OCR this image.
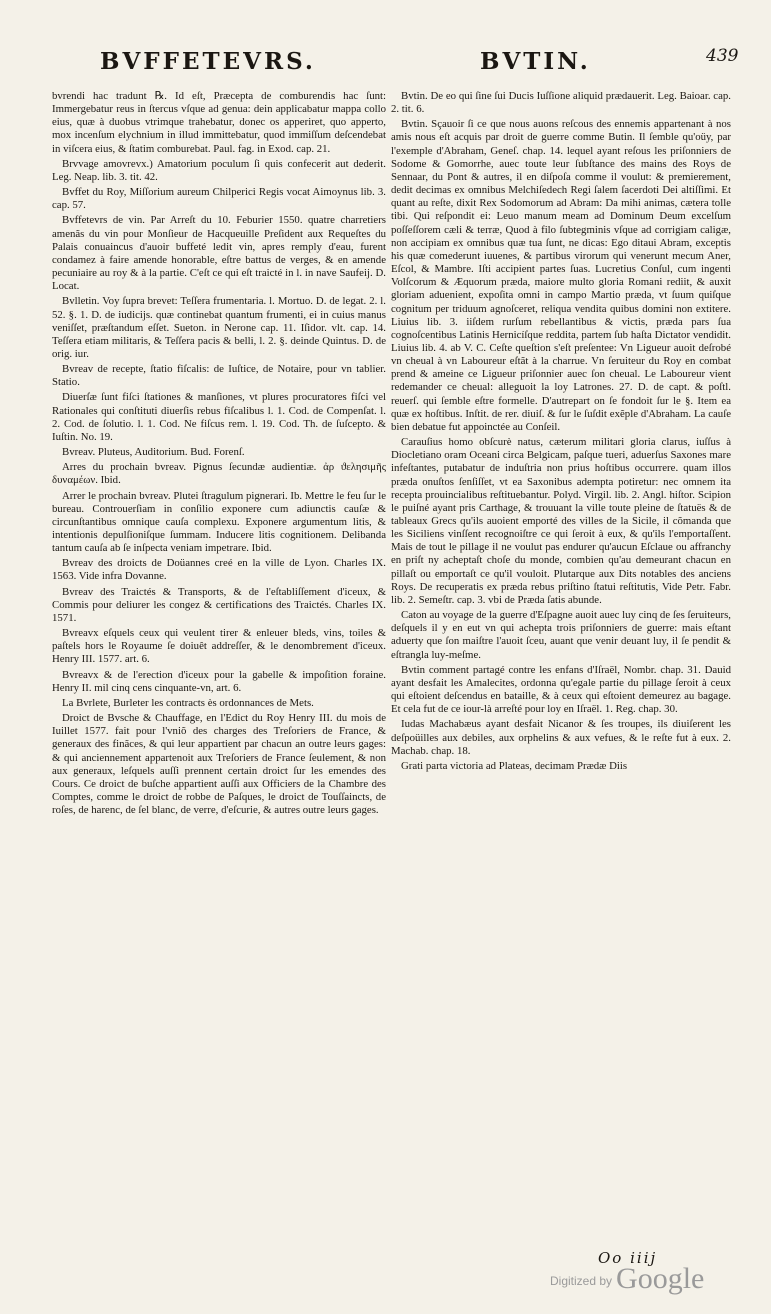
BVFFETEVRS.	BVTIN.	439

bvrendi hac tradunt ℞. Id eſt, Præcepta de comburendis hac ſunt: Immergebatur reus in ſtercus vſque ad genua: dein applicabatur mappa collo eius, quæ à duobus vtrimque trahebatur, donec os apperiret, quo apperto, mox incenſum elychnium in illud immittebatur, quod immiſſum deſcendebat in viſcera eius, & ſtatim comburebat. Paul. fag. in Exod. cap. 21.

Brvvage amovrevx.) Amatorium poculum ſi quis confecerit aut dederit. Leg. Neap. lib. 3. tit. 42.

Bvffet du Roy, Miſſorium aureum Chilperici Regis vocat Aimoynus lib. 3. cap. 57.

Bvffetevrs de vin. Par Arreſt du 10. Feburier 1550. quatre charretiers amenãs du vin pour Monſieur de Hacqueuille Preſident aux Requeſtes du Palais conuaincus d'auoir buffeté ledit vin, apres remply d'eau, furent condamez à faire amende honorable, eſtre battus de verges, & en amende pecuniaire au roy & à la partie. C'eſt ce qui eſt traicté in l. in nave Saufeij. D. Locat.

Bvlletin. Voy ſupra brevet: Teſſera frumentaria. l. Mortuo. D. de legat. 2. l. 52. §. 1. D. de iudicijs. quæ continebat quantum frumenti, ei in cuius manus veniſſet, præſtandum eſſet. Sueton. in Nerone cap. 11. Iſidor. vlt. cap. 14. Teſſera etiam militaris, & Teſſera pacis & belli, l. 2. §. deinde Quintus. D. de orig. iur.

Bvreav de recepte, ſtatio fiſcalis: de Iuſtice, de Notaire, pour vn tablier. Statio.

Diuerſæ ſunt fiſci ſtationes & manſiones, vt plures procuratores fiſci vel Rationales qui conſtituti diuerſis rebus fiſcalibus l. 1. Cod. de Compenſat. l. 2. Cod. de ſolutio. l. 1. Cod. Ne fiſcus rem. l. 19. Cod. Th. de ſuſcepto. & Iuſtin. No. 19.

Bvreav. Pluteus, Auditorium. Bud. Forenſ.

Arres du prochain bvreav. Pignus ſecundæ audientiæ. ἀρ ϑελησιμῆς δυναμέων. Ibid.

Arrer le prochain bvreav. Plutei ſtragulum pignerari. Ib. Mettre le feu ſur le bureau. Controuerſiam in conſilio exponere cum adiunctis cauſæ & circunſtantibus omnique cauſa complexu. Exponere argumentum litis, & intentionis depulſioniſque ſummam. Inducere litis cognitionem. Delibanda tantum cauſa ab ſe inſpecta veniam impetrare. Ibid.

Bvreav des droicts de Doüannes creé en la ville de Lyon. Charles IX. 1563. Vide infra Dovanne.

Bvreav des Traictés & Transports, & de l'eſtabliſſement d'iceux, & Commis pour deliurer les congez & certifications des Traictés. Charles IX. 1571.

Bvreavx eſquels ceux qui veulent tirer & enleuer bleds, vins, toiles & paſtels hors le Royaume ſe doiuêt addreſſer, & le denombrement d'iceux. Henry III. 1577. art. 6.

Bvreavx & de l'erection d'iceux pour la gabelle & impoſition foraine. Henry II. mil cinq cens cinquante-vn, art. 6.

La Bvrlete, Burleter les contracts ès ordonnances de Mets.

Droict de Bvsche & Chauffage, en l'Edict du Roy Henry III. du mois de Iuillet 1577. fait pour l'vniõ des charges des Treſoriers de France, & generaux des finãces, & qui leur appartient par chacun an outre leurs gages: & qui anciennement appartenoit aux Treſoriers de France ſeulement, & non aux generaux, leſquels auſſi prennent certain droict ſur les emendes des Cours. Ce droict de buſche appartient auſſi aux Officiers de la Chambre des Comptes, comme le droict de robbe de Paſques, le droict de Touſſaincts, de roſes, de harenc, de ſel blanc, de verre, d'eſcurie, & autres outre leurs gages.

Bvtin. De eo qui ſine ſui Ducis Iuſſione aliquid prædauerit. Leg. Baioar. cap. 2. tit. 6.

Bvtin. Sçauoir ſi ce que nous auons reſcous des ennemis appartenant à nos amis nous eſt acquis par droit de guerre comme Butin. Il ſemble qu'oüy, par l'exemple d'Abraham, Geneſ. chap. 14. lequel ayant reſous les priſonniers de Sodome & Gomorrhe, auec toute leur ſubſtance des mains des Roys de Sennaar, du Pont & autres, il en diſpoſa comme il voulut: & premierement, dedit decimas ex omnibus Melchiſedech Regi ſalem ſacerdoti Dei altiſſimi. Et quant au reſte, dixit Rex Sodomorum ad Abram: Da mihi animas, cætera tolle tibi. Qui reſpondit ei: Leuo manum meam ad Dominum Deum excelſum poſſeſſorem cæli & terræ, Quod à filo ſubtegminis vſque ad corrigiam caligæ, non accipiam ex omnibus quæ tua ſunt, ne dicas: Ego ditaui Abram, exceptis his quæ comederunt iuuenes, & partibus virorum qui venerunt mecum Aner, Eſcol, & Mambre. Iſti accipient partes ſuas. Lucretius Conſul, cum ingenti Volſcorum & Æquorum præda, maiore multo gloria Romani rediit, & auxit gloriam aduenient, expoſita omni in campo Martio præda, vt ſuum quiſque cognitum per triduum agnoſceret, reliqua vendita quibus domini non extitere. Liuius lib. 3. iiſdem rurſum rebellantibus & victis, præda pars ſua cognoſcentibus Latinis Hernicíſque reddita, partem ſub haſta Dictator vendidit. Liuius lib. 4. ab V. C. Ceſte queſtion s'eſt preſentee: Vn Ligueur auoit deſrobé vn cheual à vn Laboureur eſtãt à la charrue. Vn ſeruiteur du Roy en combat prend & ameine ce Ligueur priſonnier auec ſon cheual. Le Laboureur vient redemander ce cheual: alleguoit la loy Latrones. 27. D. de capt. & poſtl. reuerſ. qui ſemble eſtre formelle. D'autrepart on ſe fondoit ſur le §. Item ea quæ ex hoſtibus. Inſtit. de rer. diuiſ. & ſur le ſuſdit exẽple d'Abraham. La cauſe bien debatue fut appoinctée au Conſeil.

Carauſius homo obſcurè natus, cæterum militari gloria clarus, iuſſus à Diocletiano oram Oceani circa Belgicam, paſque tueri, aduerſus Saxones mare infeſtantes, putabatur de induſtria non prius hoſtibus occurrere. quam illos præda onuſtos ſenſiſſet, vt ea Saxonibus adempta potiretur: nec omnem ita recepta prouincialibus reſtituebantur. Polyd. Virgil. lib. 2. Angl. hiſtor. Scipion le puiſné ayant pris Carthage, & trouuant la ville toute pleine de ſtatuës & de tableaux Grecs qu'ils auoient emporté des villes de la Sicile, il cõmanda que les Siciliens vinſſent recognoiſtre ce qui ſeroit à eux, & qu'ils l'emportaſſent. Mais de tout le pillage il ne voulut pas endurer qu'aucun Eſclaue ou affranchy en priſt ny acheptaſt choſe du monde, combien qu'au demeurant chacun en pillaſt ou emportaſt ce qu'il vouloit. Plutarque aux Dits notables des anciens Roys. De recuperatis ex præda rebus priſtino ſtatui reſtitutis, Vide Petr. Fabr. lib. 2. Semeſtr. cap. 3. vbi de Præda ſatis abunde.

Caton au voyage de la guerre d'Eſpagne auoit auec luy cinq de ſes ſeruiteurs, deſquels il y en eut vn qui achepta trois priſonniers de guerre: mais eſtant aduerty que ſon maiſtre l'auoit ſceu, auant que venir deuant luy, il ſe pendit & eſtrangla luy-meſme.

Bvtin comment partagé contre les enfans d'Iſraël, Nombr. chap. 31. Dauid ayant desfait les Amalecites, ordonna qu'egale partie du pillage ſeroit à ceux qui eſtoient deſcendus en bataille, & à ceux qui eſtoient demeurez au bagage. Et cela fut de ce iour-là arreſté pour loy en Iſraël. 1. Reg. chap. 30.

Iudas Machabæus ayant desfait Nicanor & ſes troupes, ils diuiſerent les deſpoüilles aux debiles, aux orphelins & aux vefues, & le reſte fut à eux. 2. Machab. chap. 18.

Grati parta victoria ad Plateas, decimam Prædæ Diis

Oo iiij
Digitized by Google
